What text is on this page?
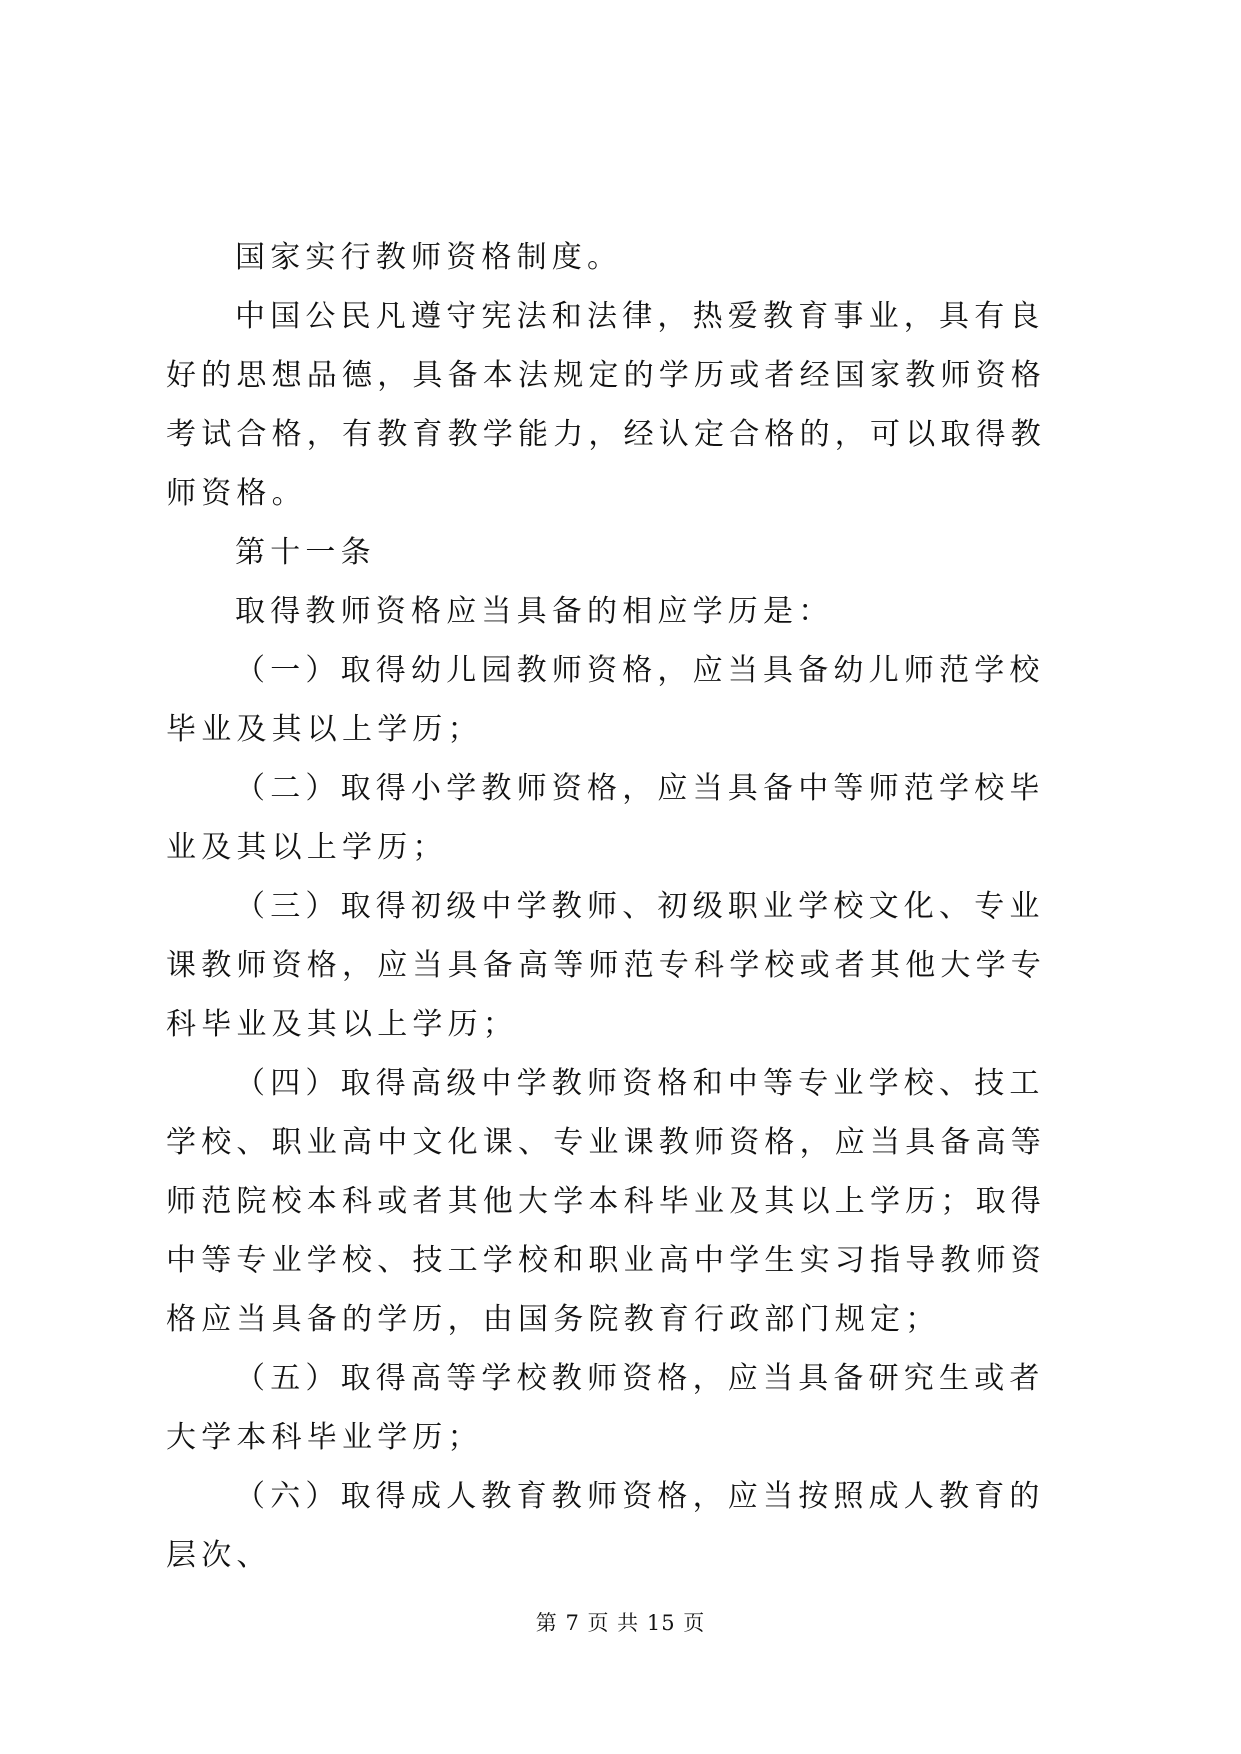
国家实行教师资格制度。

中国公民凡遵守宪法和法律，热爱教育事业，具有良好的思想品德，具备本法规定的学历或者经国家教师资格考试合格，有教育教学能力，经认定合格的，可以取得教师资格。

第十一条

取得教师资格应当具备的相应学历是：

（一）取得幼儿园教师资格，应当具备幼儿师范学校毕业及其以上学历；

（二）取得小学教师资格，应当具备中等师范学校毕业及其以上学历；

（三）取得初级中学教师、初级职业学校文化、专业课教师资格，应当具备高等师范专科学校或者其他大学专科毕业及其以上学历；

（四）取得高级中学教师资格和中等专业学校、技工学校、职业高中文化课、专业课教师资格，应当具备高等师范院校本科或者其他大学本科毕业及其以上学历；取得中等专业学校、技工学校和职业高中学生实习指导教师资格应当具备的学历，由国务院教育行政部门规定；

（五）取得高等学校教师资格，应当具备研究生或者大学本科毕业学历；

（六）取得成人教育教师资格，应当按照成人教育的层次、

第 7 页 共 15 页
